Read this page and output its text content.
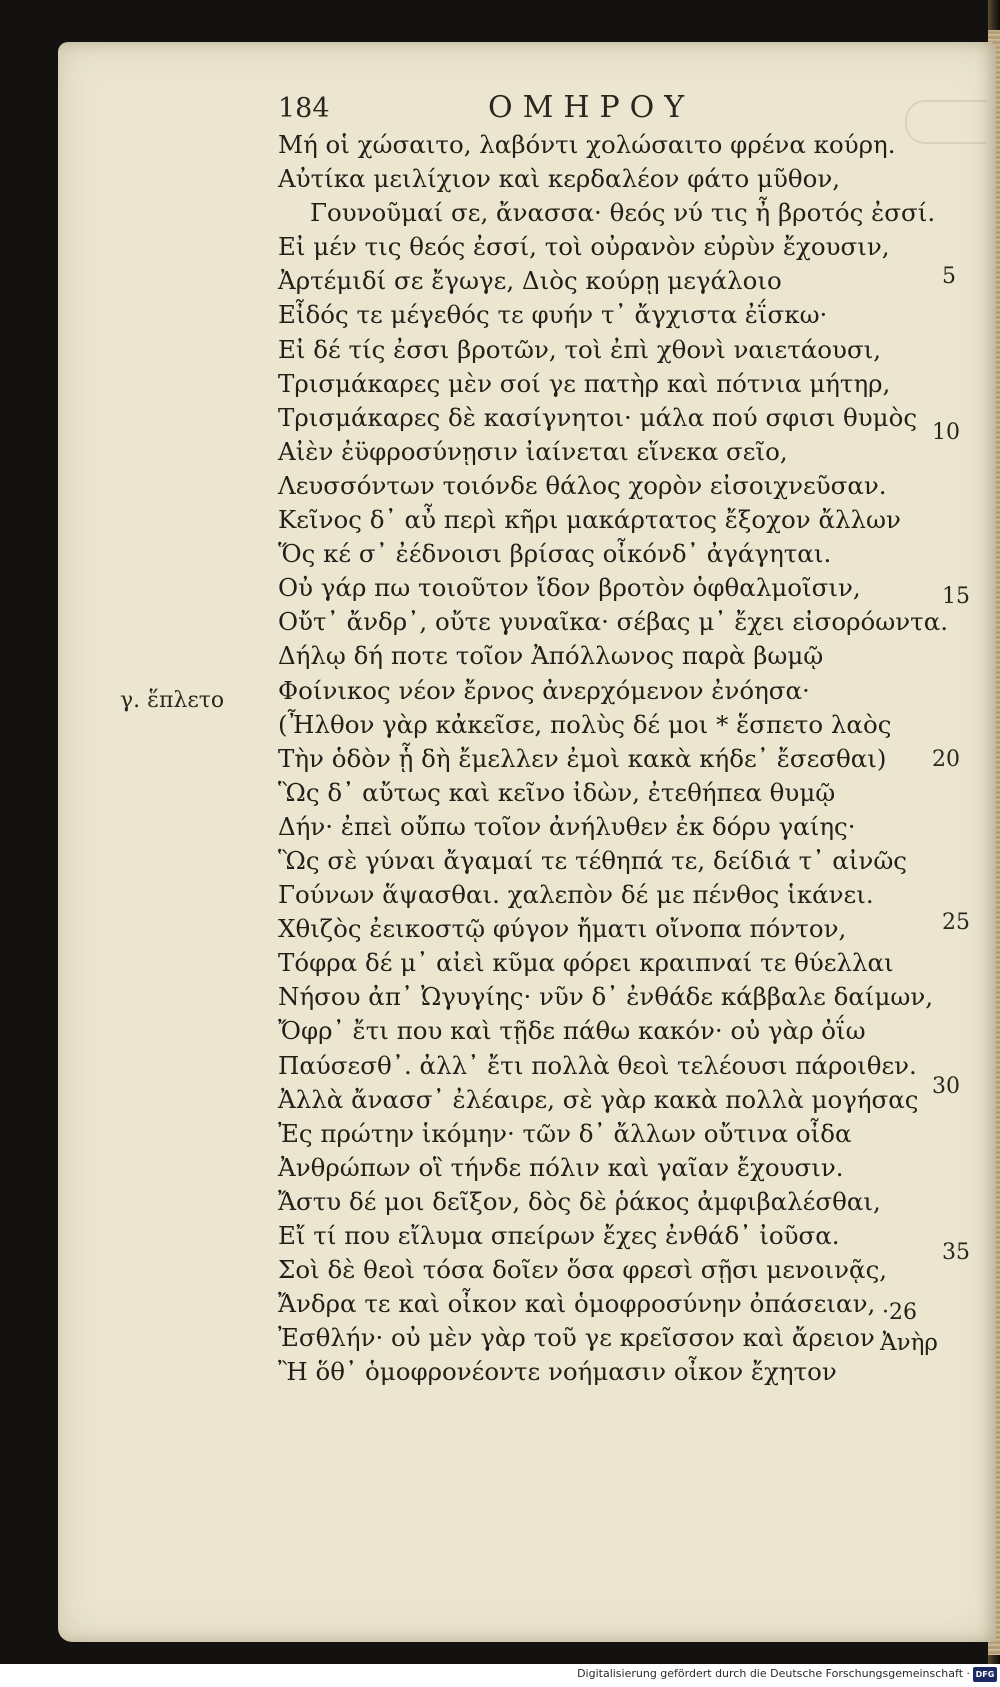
184	ΟΜΗΡΟΥ
Μή οἱ χώσαιτο, λαβόντι χολώσαιτο φρένα κούρη.
Αὐτίκα μειλίχιον καὶ κερδαλέον φάτο μῦθον,
Γουνοῦμαί σε, ἄνασσα· θεός νύ τις ἦ βροτός ἐσσί.
Εἰ μέν τις θεός ἐσσί, τοὶ οὐρανὸν εὐρὺν ἔχουσιν,
Ἀρτέμιδί σε ἔγωγε, Διὸς κούρῃ μεγάλοιο
Εἶδός τε μέγεθός τε φυήν τ᾽ ἄγχιστα ἐΐσκω·
Εἰ δέ τίς ἐσσι βροτῶν, τοὶ ἐπὶ χθονὶ ναιετάουσι,
Τρισμάκαρες μὲν σοί γε πατὴρ καὶ πότνια μήτηρ,
Τρισμάκαρες δὲ κασίγνητοι· μάλα πού σφισι θυμὸς
Αἰὲν ἐϋφροσύνῃσιν ἰαίνεται εἵνεκα σεῖο,
Λευσσόντων τοιόνδε θάλος χορὸν εἰσοιχνεῦσαν.
Κεῖνος δ᾽ αὖ περὶ κῆρι μακάρτατος ἔξοχον ἄλλων
Ὅς κέ σ᾽ ἐέδνοισι βρίσας οἶκόνδ᾽ ἀγάγηται.
Οὐ γάρ πω τοιοῦτον ἴδον βροτὸν ὀφθαλμοῖσιν,
Οὔτ᾽ ἄνδρ᾽, οὔτε γυναῖκα· σέβας μ᾽ ἔχει εἰσορόωντα.
Δήλῳ δή ποτε τοῖον Ἀπόλλωνος παρὰ βωμῷ
Φοίνικος νέον ἔρνος ἀνερχόμενον ἐνόησα·
(Ἦλθον γὰρ κἀκεῖσε, πολὺς δέ μοι * ἕσπετο λαὸς
Τὴν ὁδὸν ᾗ δὴ ἔμελλεν ἐμοὶ κακὰ κήδε᾽ ἔσεσθαι)
Ὣς δ᾽ αὔτως καὶ κεῖνο ἰδὼν, ἐτεθήπεα θυμῷ
Δήν· ἐπεὶ οὔπω τοῖον ἀνήλυθεν ἐκ δόρυ γαίης·
Ὣς σὲ γύναι ἄγαμαί τε τέθηπά τε, δείδιά τ᾽ αἰνῶς
Γούνων ἅψασθαι. χαλεπὸν δέ με πένθος ἱκάνει.
Χθιζὸς ἐεικοστῷ φύγον ἤματι οἴνοπα πόντον,
Τόφρα δέ μ᾽ αἰεὶ κῦμα φόρει κραιπναί τε θύελλαι
Νήσου ἀπ᾽ Ὠγυγίης· νῦν δ᾽ ἐνθάδε κάββαλε δαίμων,
Ὄφρ᾽ ἔτι που καὶ τῇδε πάθω κακόν· οὐ γὰρ ὀΐω
Παύσεσθ᾽. ἀλλ᾽ ἔτι πολλὰ θεοὶ τελέουσι πάροιθεν.
Ἀλλὰ ἄνασσ᾽ ἐλέαιρε, σὲ γὰρ κακὰ πολλὰ μογήσας
Ἐς πρώτην ἱκόμην· τῶν δ᾽ ἄλλων οὔτινα οἶδα
Ἀνθρώπων οἳ τήνδε πόλιν καὶ γαῖαν ἔχουσιν.
Ἄστυ δέ μοι δεῖξον, δὸς δὲ ῥάκος ἀμφιβαλέσθαι,
Εἴ τί που εἴλυμα σπείρων ἔχες ἐνθάδ᾽ ἰοῦσα.
Σοὶ δὲ θεοὶ τόσα δοῖεν ὅσα φρεσὶ σῇσι μενοινᾷς,
Ἄνδρα τε καὶ οἶκον καὶ ὁμοφροσύνην ὀπάσειαν,
Ἐσθλήν· οὐ μὲν γὰρ τοῦ γε κρεῖσσον καὶ ἄρειον
Ἢ ὅθ᾽ ὁμοφρονέοντε νοήμασιν οἶκον ἔχητον
5
10
15
20
25
30
35
γ. ἕπλετο
·26
Ἀνὴρ
Digitalisierung gefördert durch die Deutsche Forschungsgemeinschaft · DFG
